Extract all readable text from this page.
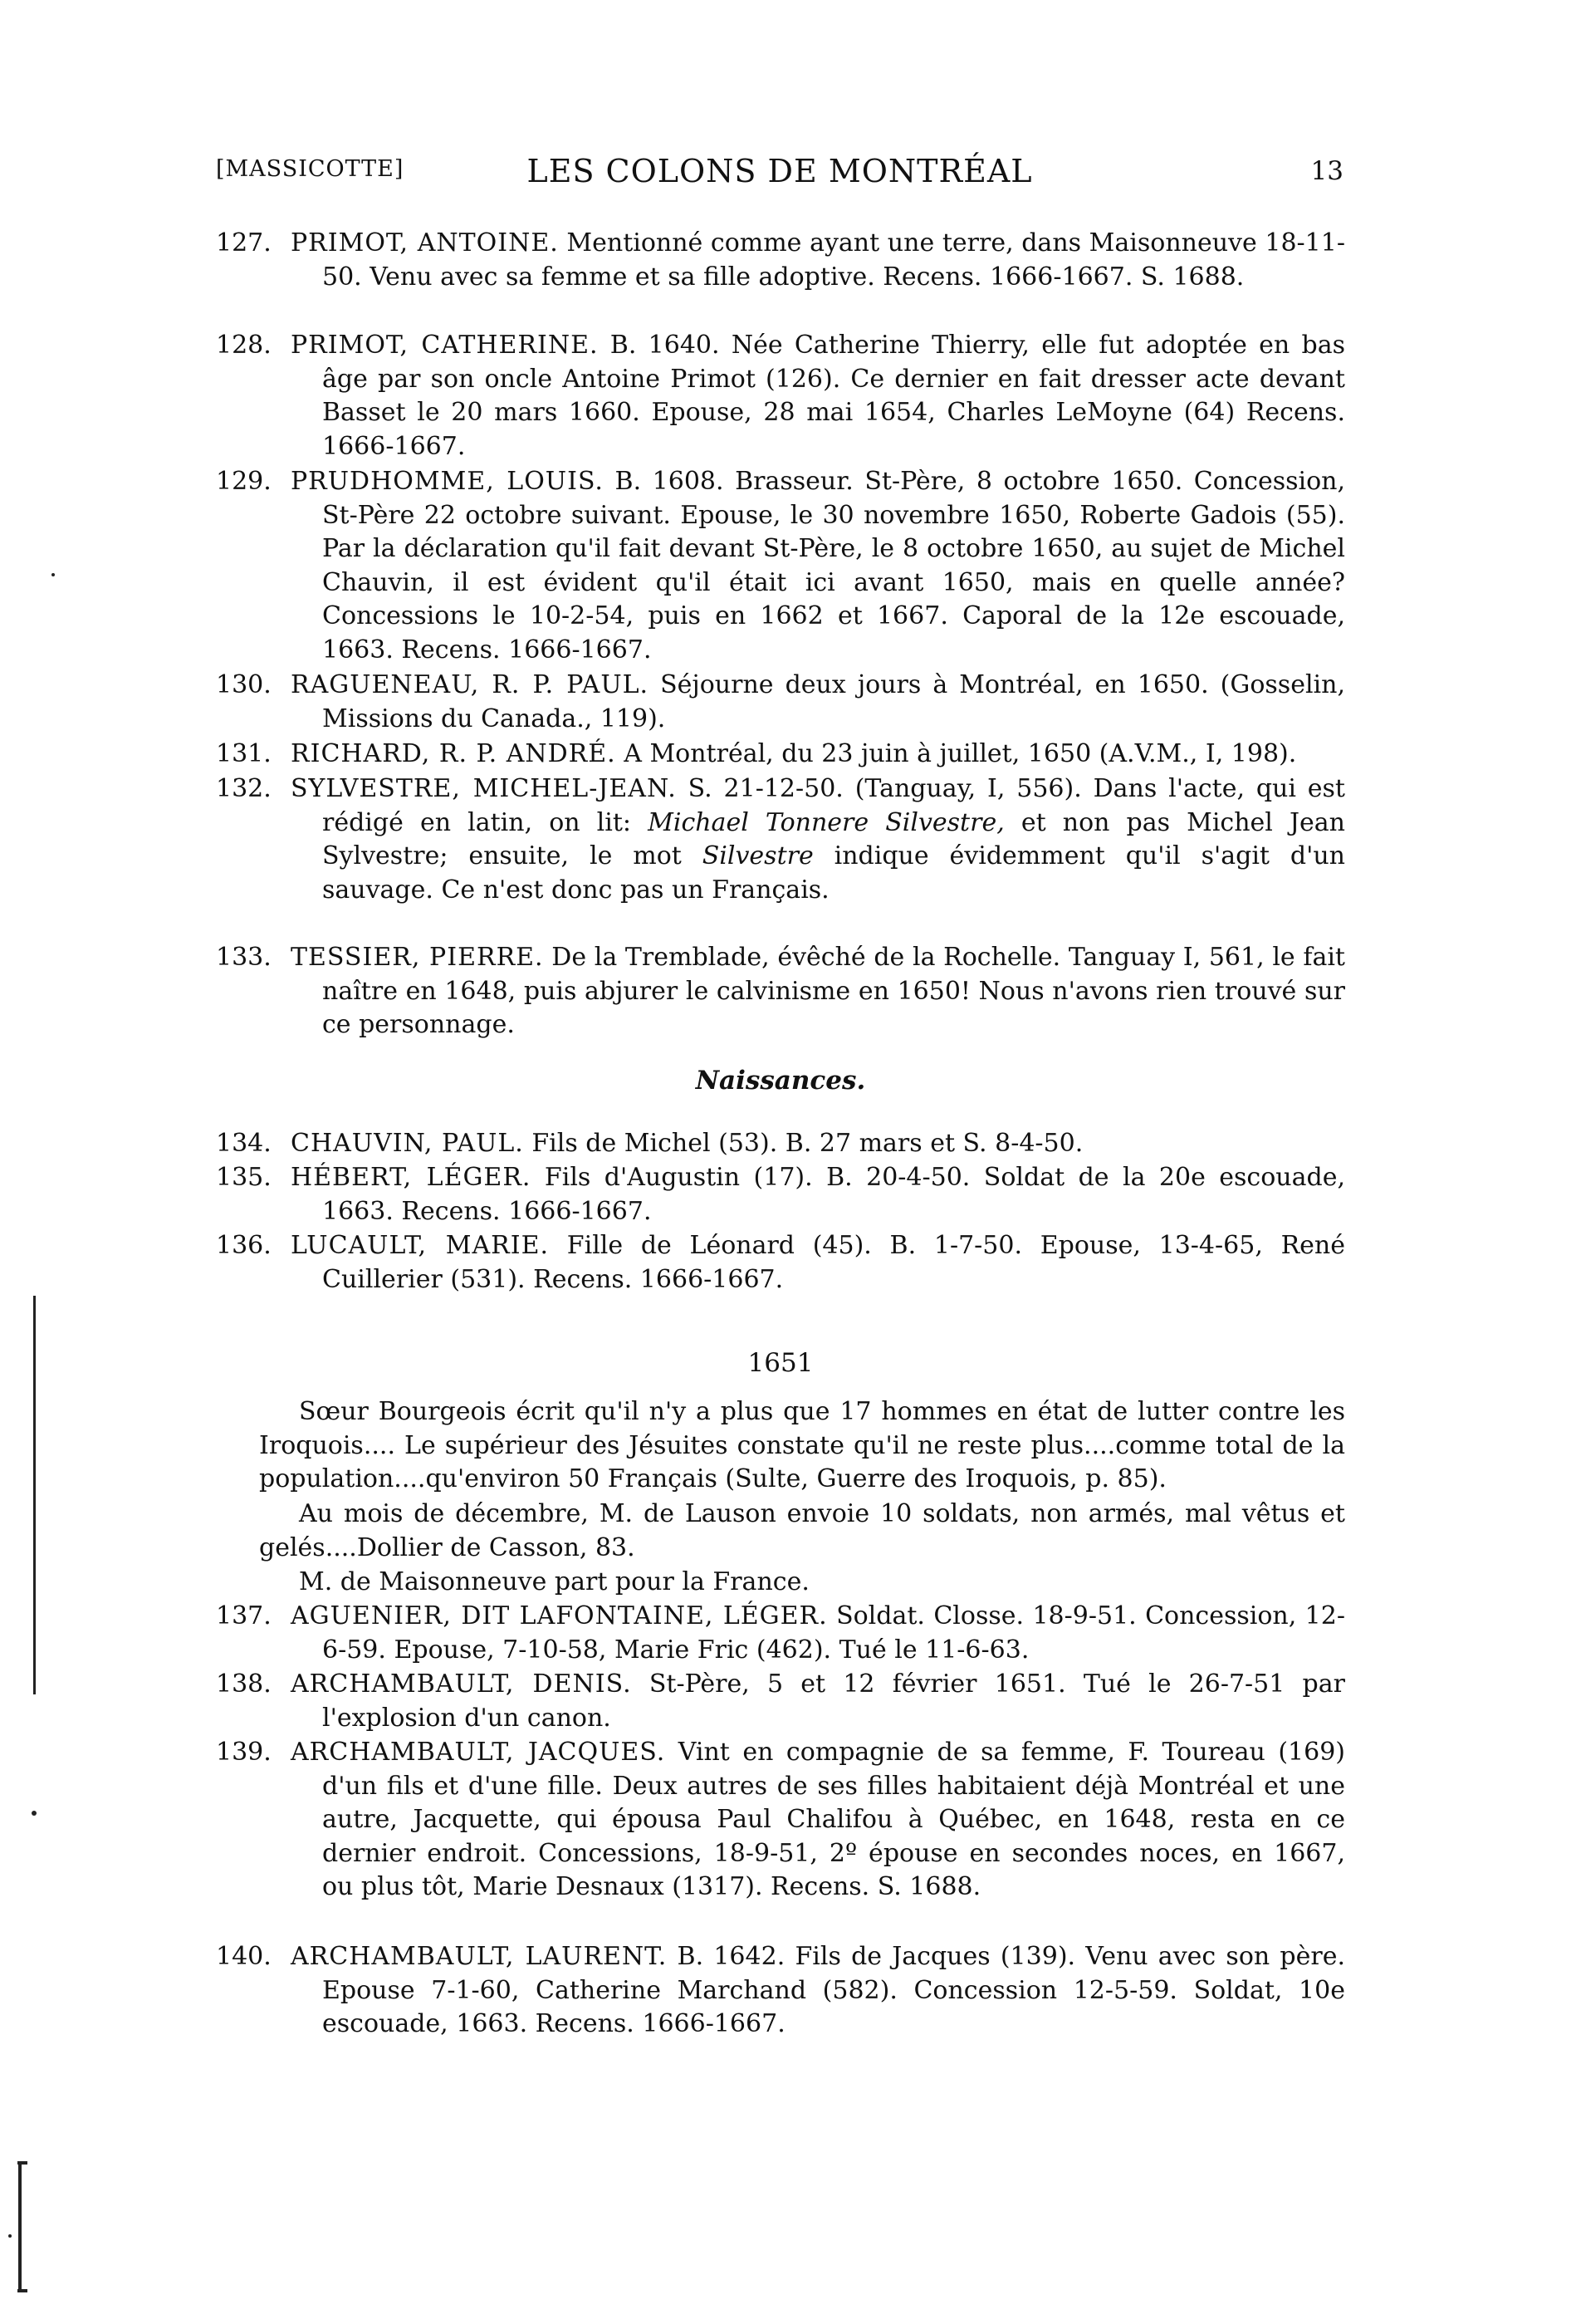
[MASSICOTTE]	LES COLONS DE MONTRÉAL	13
127. PRIMOT, ANTOINE. Mentionné comme ayant une terre, dans Maisonneuve 18-11-50. Venu avec sa femme et sa fille adoptive. Recens. 1666-1667. S. 1688.
128. PRIMOT, CATHERINE. B. 1640. Née Catherine Thierry, elle fut adoptée en bas âge par son oncle Antoine Primot (126). Ce dernier en fait dresser acte devant Basset le 20 mars 1660. Epouse, 28 mai 1654, Charles LeMoyne (64) Recens. 1666-1667.
129. PRUDHOMME, LOUIS. B. 1608. Brasseur. St-Père, 8 octobre 1650. Concession, St-Père 22 octobre suivant. Epouse, le 30 novembre 1650, Roberte Gadois (55). Par la déclaration qu'il fait devant St-Père, le 8 octobre 1650, au sujet de Michel Chauvin, il est évident qu'il était ici avant 1650, mais en quelle année? Concessions le 10-2-54, puis en 1662 et 1667. Caporal de la 12e escouade, 1663. Recens. 1666-1667.
130. RAGUENEAU, R. P. PAUL. Séjourne deux jours à Montréal, en 1650. (Gosselin, Missions du Canada., 119).
131. RICHARD, R. P. ANDRÉ. A Montréal, du 23 juin à juillet, 1650 (A.V.M., I, 198).
132. SYLVESTRE, MICHEL-JEAN. S. 21-12-50. (Tanguay, I, 556). Dans l'acte, qui est rédigé en latin, on lit: Michael Tonnere Silvestre, et non pas Michel Jean Sylvestre; ensuite, le mot Silvestre indique évidemment qu'il s'agit d'un sauvage. Ce n'est donc pas un Français.
133. TESSIER, PIERRE. De la Tremblade, évêché de la Rochelle. Tanguay I, 561, le fait naître en 1648, puis abjurer le calvinisme en 1650! Nous n'avons rien trouvé sur ce personnage.
Naissances.
134. CHAUVIN, PAUL. Fils de Michel (53). B. 27 mars et S. 8-4-50.
135. HÉBERT, LÉGER. Fils d'Augustin (17). B. 20-4-50. Soldat de la 20e escouade, 1663. Recens. 1666-1667.
136. LUCAULT, MARIE. Fille de Léonard (45). B. 1-7-50. Epouse, 13-4-65, René Cuillerier (531). Recens. 1666-1667.
1651
Sœur Bourgeois écrit qu'il n'y a plus que 17 hommes en état de lutter contre les Iroquois.... Le supérieur des Jésuites constate qu'il ne reste plus....comme total de la population....qu'environ 50 Français (Sulte, Guerre des Iroquois, p. 85).
Au mois de décembre, M. de Lauson envoie 10 soldats, non armés, mal vêtus et gelés....Dollier de Casson, 83.
M. de Maisonneuve part pour la France.
137. AGUENIER, DIT LAFONTAINE, LÉGER. Soldat. Closse. 18-9-51. Concession, 12-6-59. Epouse, 7-10-58, Marie Fric (462). Tué le 11-6-63.
138. ARCHAMBAULT, DENIS. St-Père, 5 et 12 février 1651. Tué le 26-7-51 par l'explosion d'un canon.
139. ARCHAMBAULT, JACQUES. Vint en compagnie de sa femme, F. Toureau (169) d'un fils et d'une fille. Deux autres de ses filles habitaient déjà Montréal et une autre, Jacquette, qui épousa Paul Chalifou à Québec, en 1648, resta en ce dernier endroit. Concessions, 18-9-51, 2º épouse en secondes noces, en 1667, ou plus tôt, Marie Desnaux (1317). Recens. S. 1688.
140. ARCHAMBAULT, LAURENT. B. 1642. Fils de Jacques (139). Venu avec son père. Epouse 7-1-60, Catherine Marchand (582). Concession 12-5-59. Soldat, 10e escouade, 1663. Recens. 1666-1667.
